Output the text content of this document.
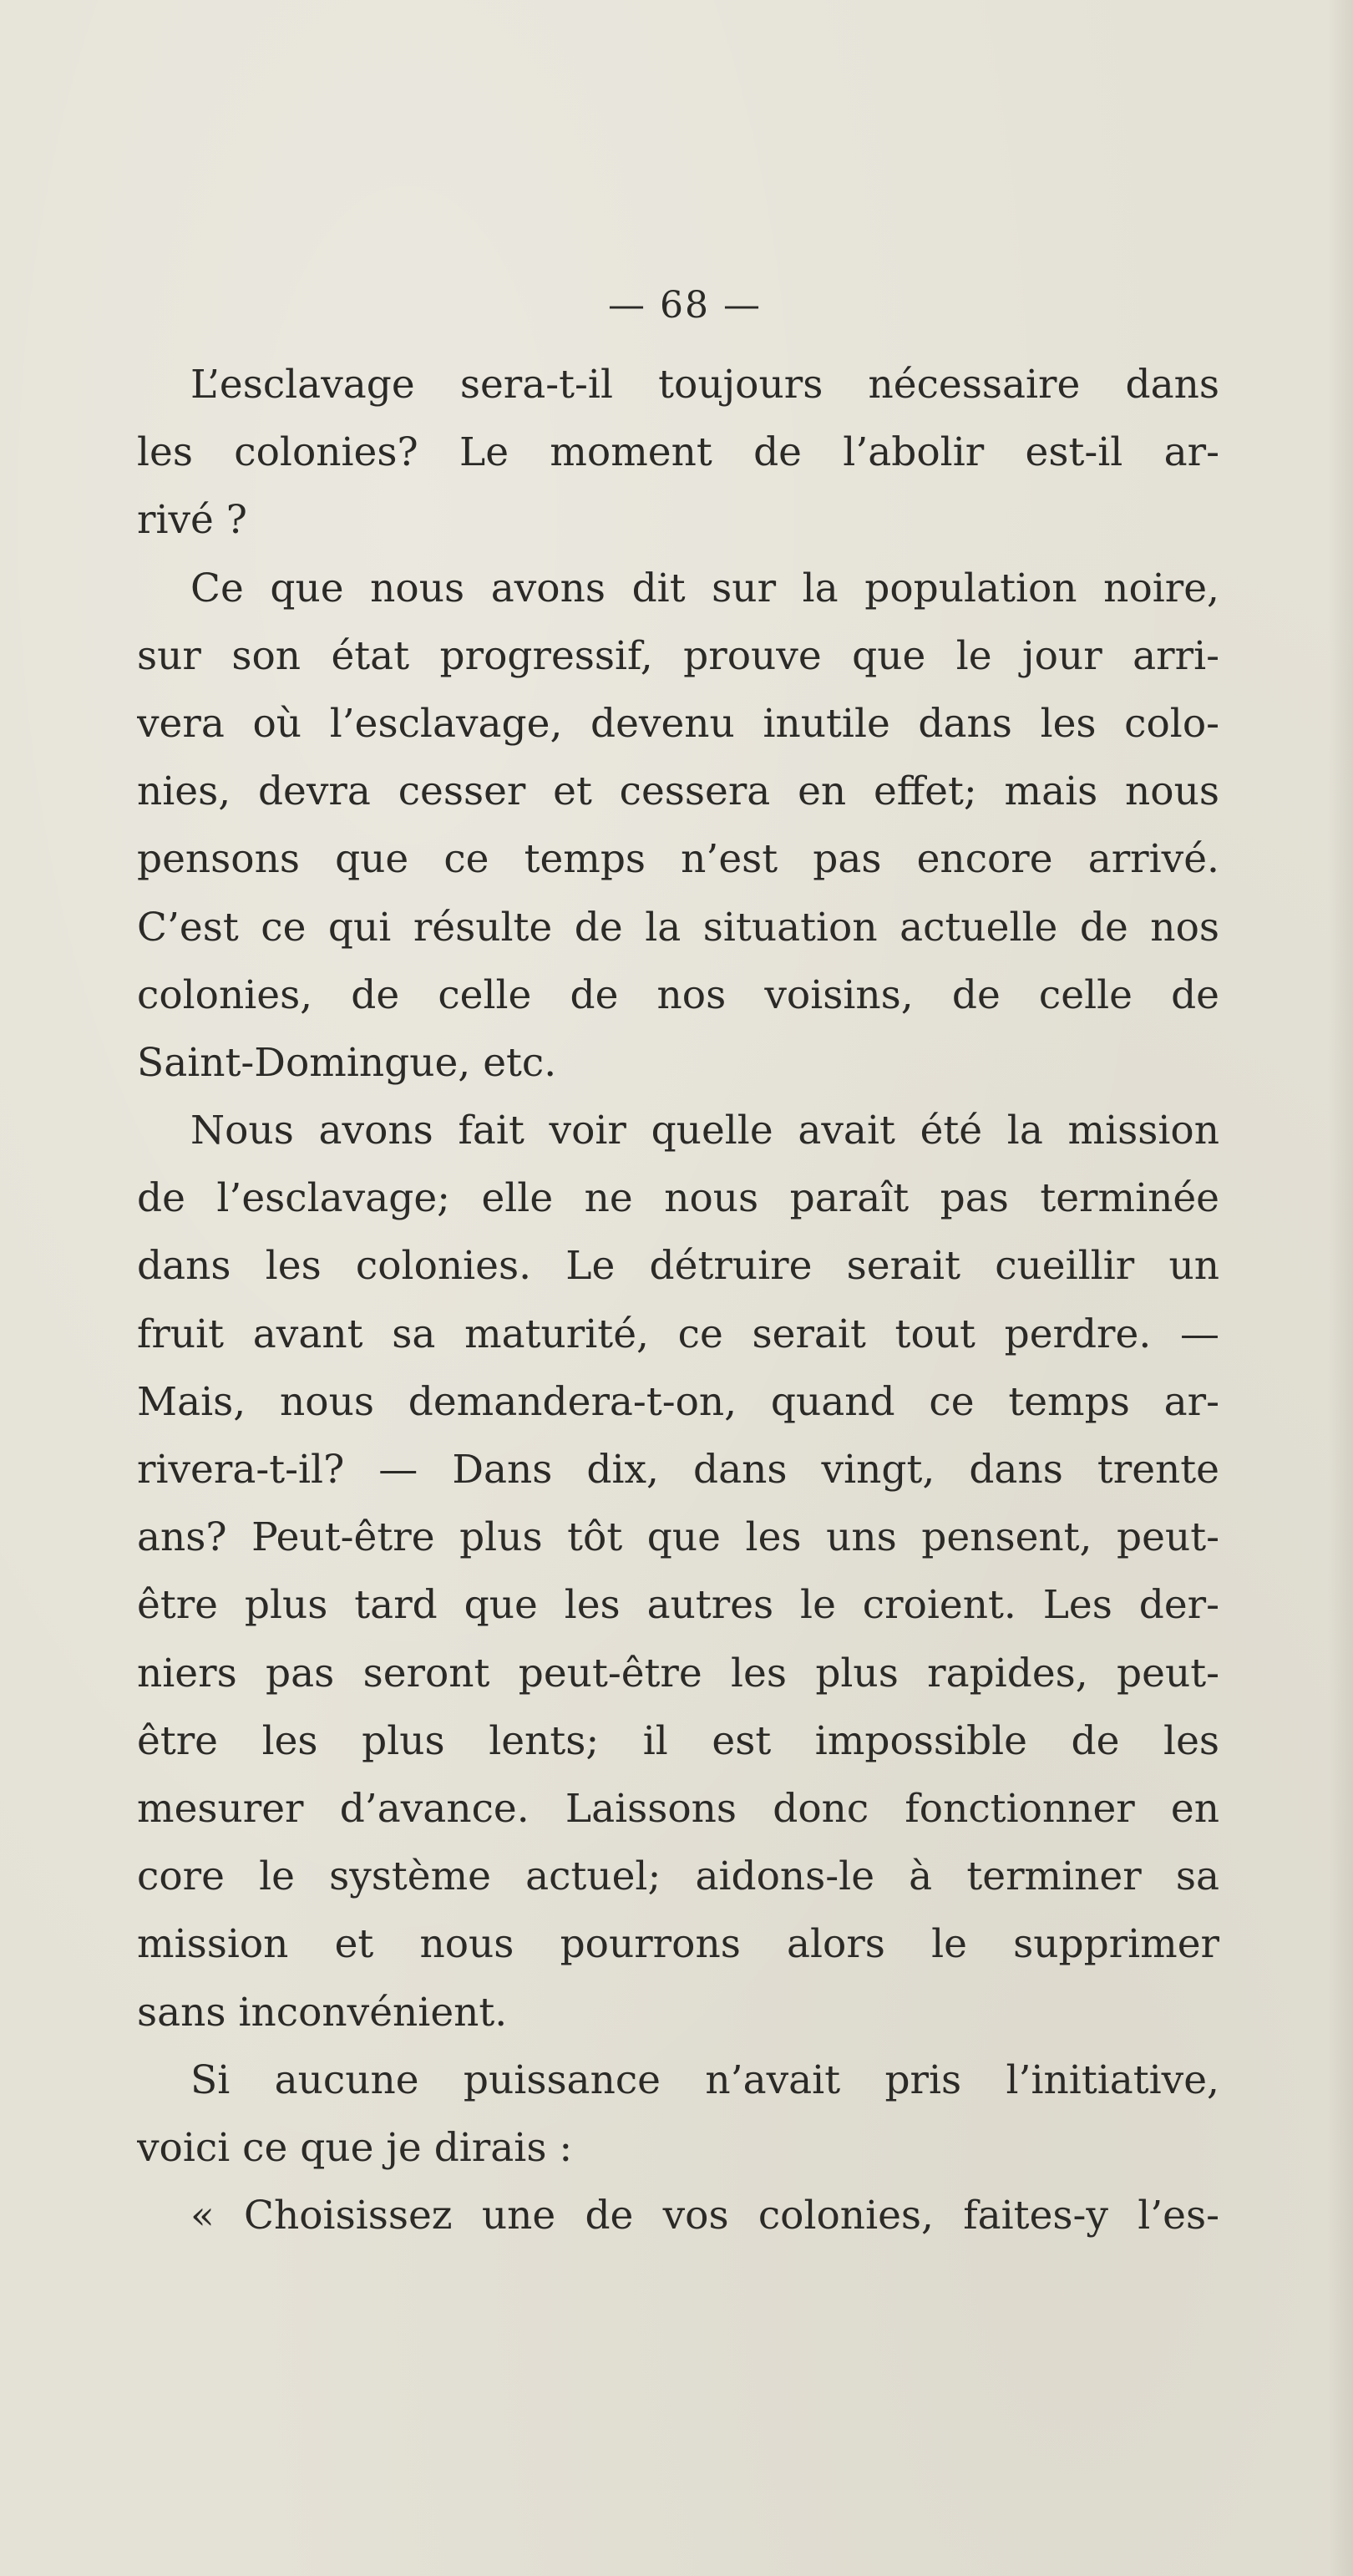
— 68 —
L’esclavage sera-t-il toujours nécessaire dans
les colonies? Le moment de l’abolir est-il ar-
rivé ?
Ce que nous avons dit sur la population noire,
sur son état progressif, prouve que le jour arri-
vera où l’esclavage, devenu inutile dans les colo-
nies, devra cesser et cessera en effet; mais nous
pensons que ce temps n’est pas encore arrivé.
C’est ce qui résulte de la situation actuelle de nos
colonies, de celle de nos voisins, de celle de
Saint-Domingue, etc.
Nous avons fait voir quelle avait été la mission
de l’esclavage; elle ne nous paraît pas terminée
dans les colonies. Le détruire serait cueillir un
fruit avant sa maturité, ce serait tout perdre. —
Mais, nous demandera-t-on, quand ce temps ar-
rivera-t-il? — Dans dix, dans vingt, dans trente
ans? Peut-être plus tôt que les uns pensent, peut-
être plus tard que les autres le croient. Les der-
niers pas seront peut-être les plus rapides, peut-
être les plus lents; il est impossible de les
mesurer d’avance. Laissons donc fonctionner en
core le système actuel; aidons-le à terminer sa
mission et nous pourrons alors le supprimer
sans inconvénient.
Si aucune puissance n’avait pris l’initiative,
voici ce que je dirais :
« Choisissez une de vos colonies, faites-y l’es-
